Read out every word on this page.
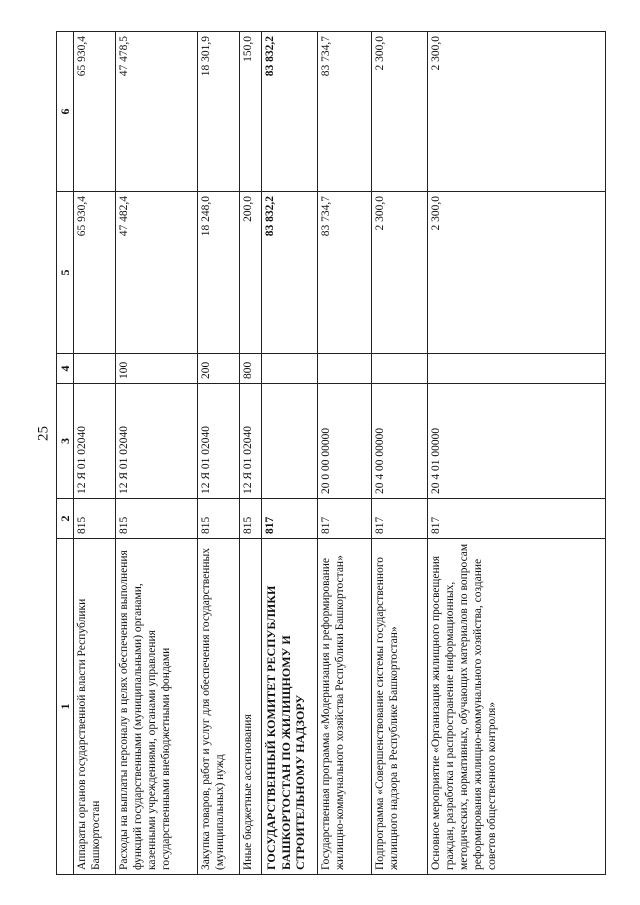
25
1	2	3	4	5	6
Аппараты органов государственной власти Республики Башкортостан	815	12 Я 01 02040		65 930,4	65 930,4
Расходы на выплаты персоналу в целях обеспечения выполнения функций государственными (муниципальными) органами, казенными учреждениями, органами управления государственными внебюджетными фондами	815	12 Я 01 02040	100	47 482,4	47 478,5
Закупка товаров, работ и услуг для обеспечения государственных (муниципальных) нужд	815	12 Я 01 02040	200	18 248,0	18 301,9
Иные бюджетные ассигнования	815	12 Я 01 02040	800	200,0	150,0
ГОСУДАРСТВЕННЫЙ КОМИТЕТ РЕСПУБЛИКИ БАШКОРТОСТАН ПО ЖИЛИЩНОМУ И СТРОИТЕЛЬНОМУ НАДЗОРУ	817			83 832,2	83 832,2
Государственная программа «Модернизация и реформирование жилищно-коммунального хозяйства Республики Башкортостан»	817	20 0 00 00000		83 734,7	83 734,7
Подпрограмма «Совершенствование системы государственного жилищного надзора в Республике Башкортостан»	817	20 4 00 00000		2 300,0	2 300,0
Основное мероприятие «Организация жилищного просвещения граждан, разработка и распространение информационных, методических, нормативных, обучающих материалов по вопросам реформирования жилищно-коммунального хозяйства, создание советов общественного контроля»	817	20 4 01 00000		2 300,0	2 300,0
